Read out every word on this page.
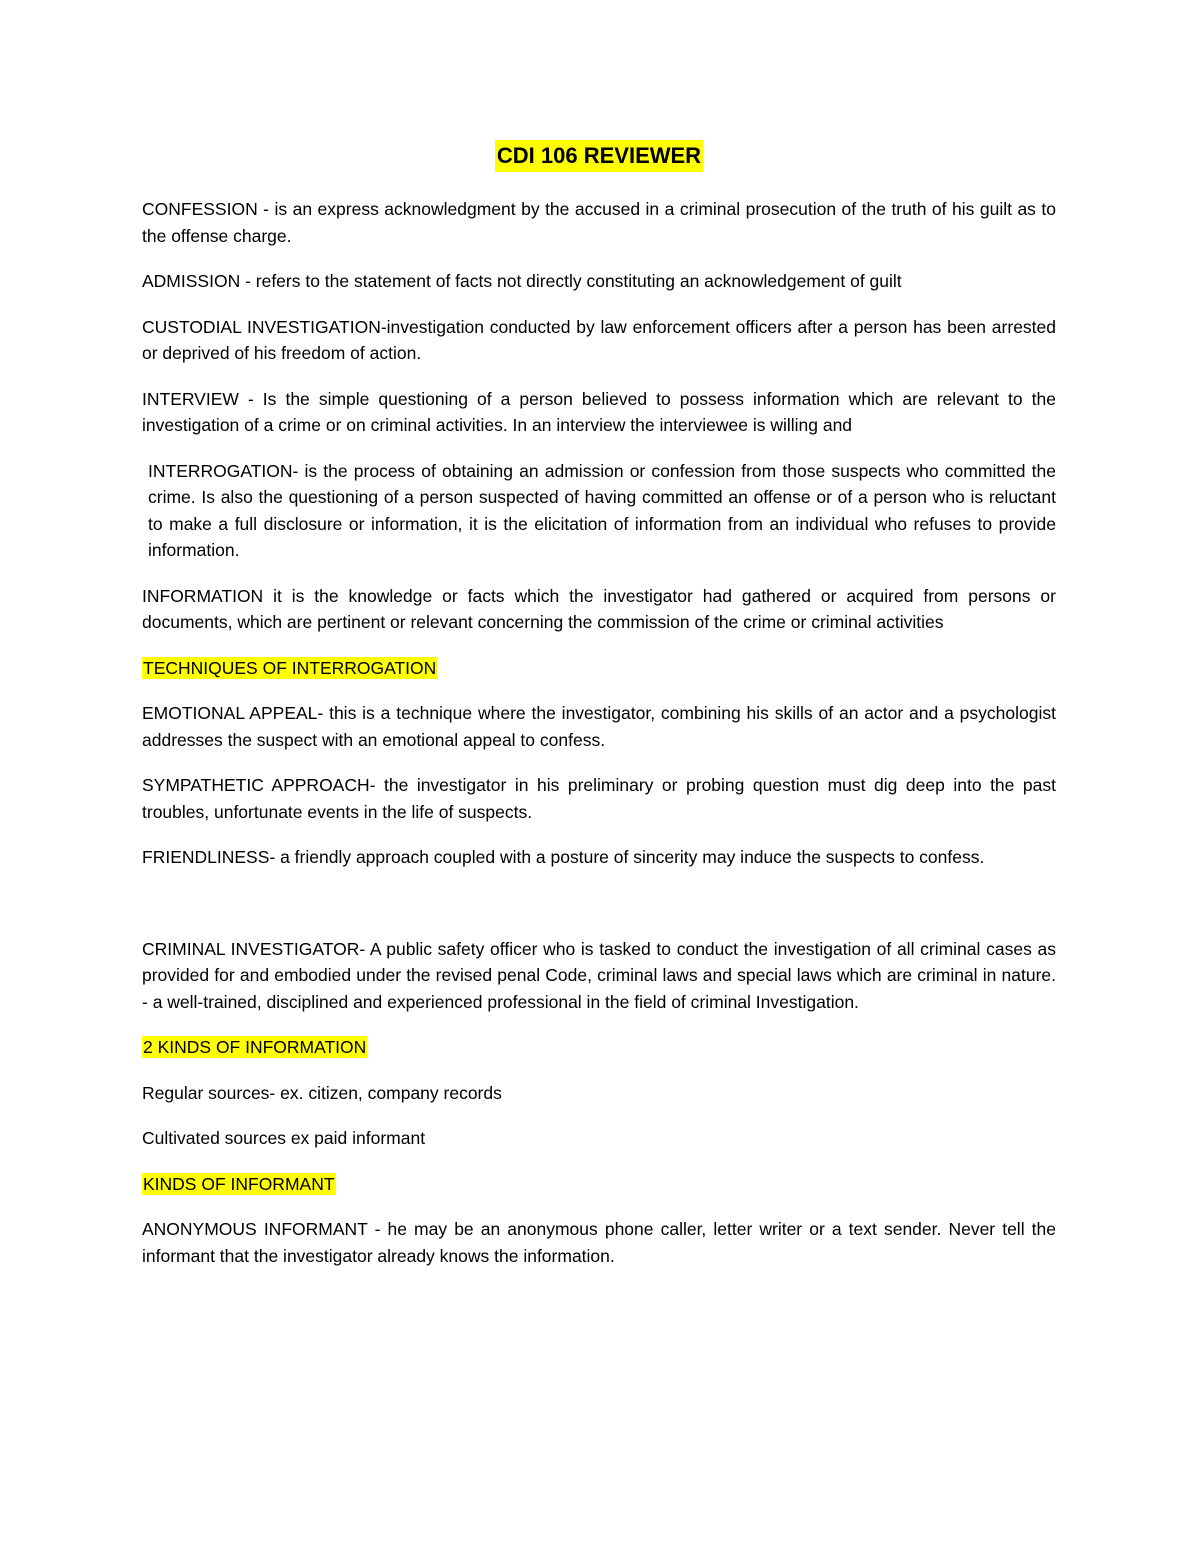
CDI 106 REVIEWER

CONFESSION - is an express acknowledgment by the accused in a criminal prosecution of the truth of his guilt as to the offense charge.

ADMISSION - refers to the statement of facts not directly constituting an acknowledgement of guilt

CUSTODIAL INVESTIGATION-investigation conducted by law enforcement officers after a person has been arrested or deprived of his freedom of action.

INTERVIEW - Is the simple questioning of a person believed to possess information which are relevant to the investigation of a crime or on criminal activities. In an interview the interviewee is willing and

INTERROGATION- is the process of obtaining an admission or confession from those suspects who committed the crime. Is also the questioning of a person suspected of having committed an offense or of a person who is reluctant to make a full disclosure or information, it is the elicitation of information from an individual who refuses to provide information.

INFORMATION it is the knowledge or facts which the investigator had gathered or acquired from persons or documents, which are pertinent or relevant concerning the commission of the crime or criminal activities

TECHNIQUES OF INTERROGATION

EMOTIONAL APPEAL- this is a technique where the investigator, combining his skills of an actor and a psychologist addresses the suspect with an emotional appeal to confess.

SYMPATHETIC APPROACH- the investigator in his preliminary or probing question must dig deep into the past troubles, unfortunate events in the life of suspects.

FRIENDLINESS- a friendly approach coupled with a posture of sincerity may induce the suspects to confess.

CRIMINAL INVESTIGATOR- A public safety officer who is tasked to conduct the investigation of all criminal cases as provided for and embodied under the revised penal Code, criminal laws and special laws which are criminal in nature. - a well-trained, disciplined and experienced professional in the field of criminal Investigation.

2 KINDS OF INFORMATION

Regular sources- ex. citizen, company records

Cultivated sources ex paid informant

KINDS OF INFORMANT

ANONYMOUS INFORMANT - he may be an anonymous phone caller, letter writer or a text sender. Never tell the informant that the investigator already knows the information.
